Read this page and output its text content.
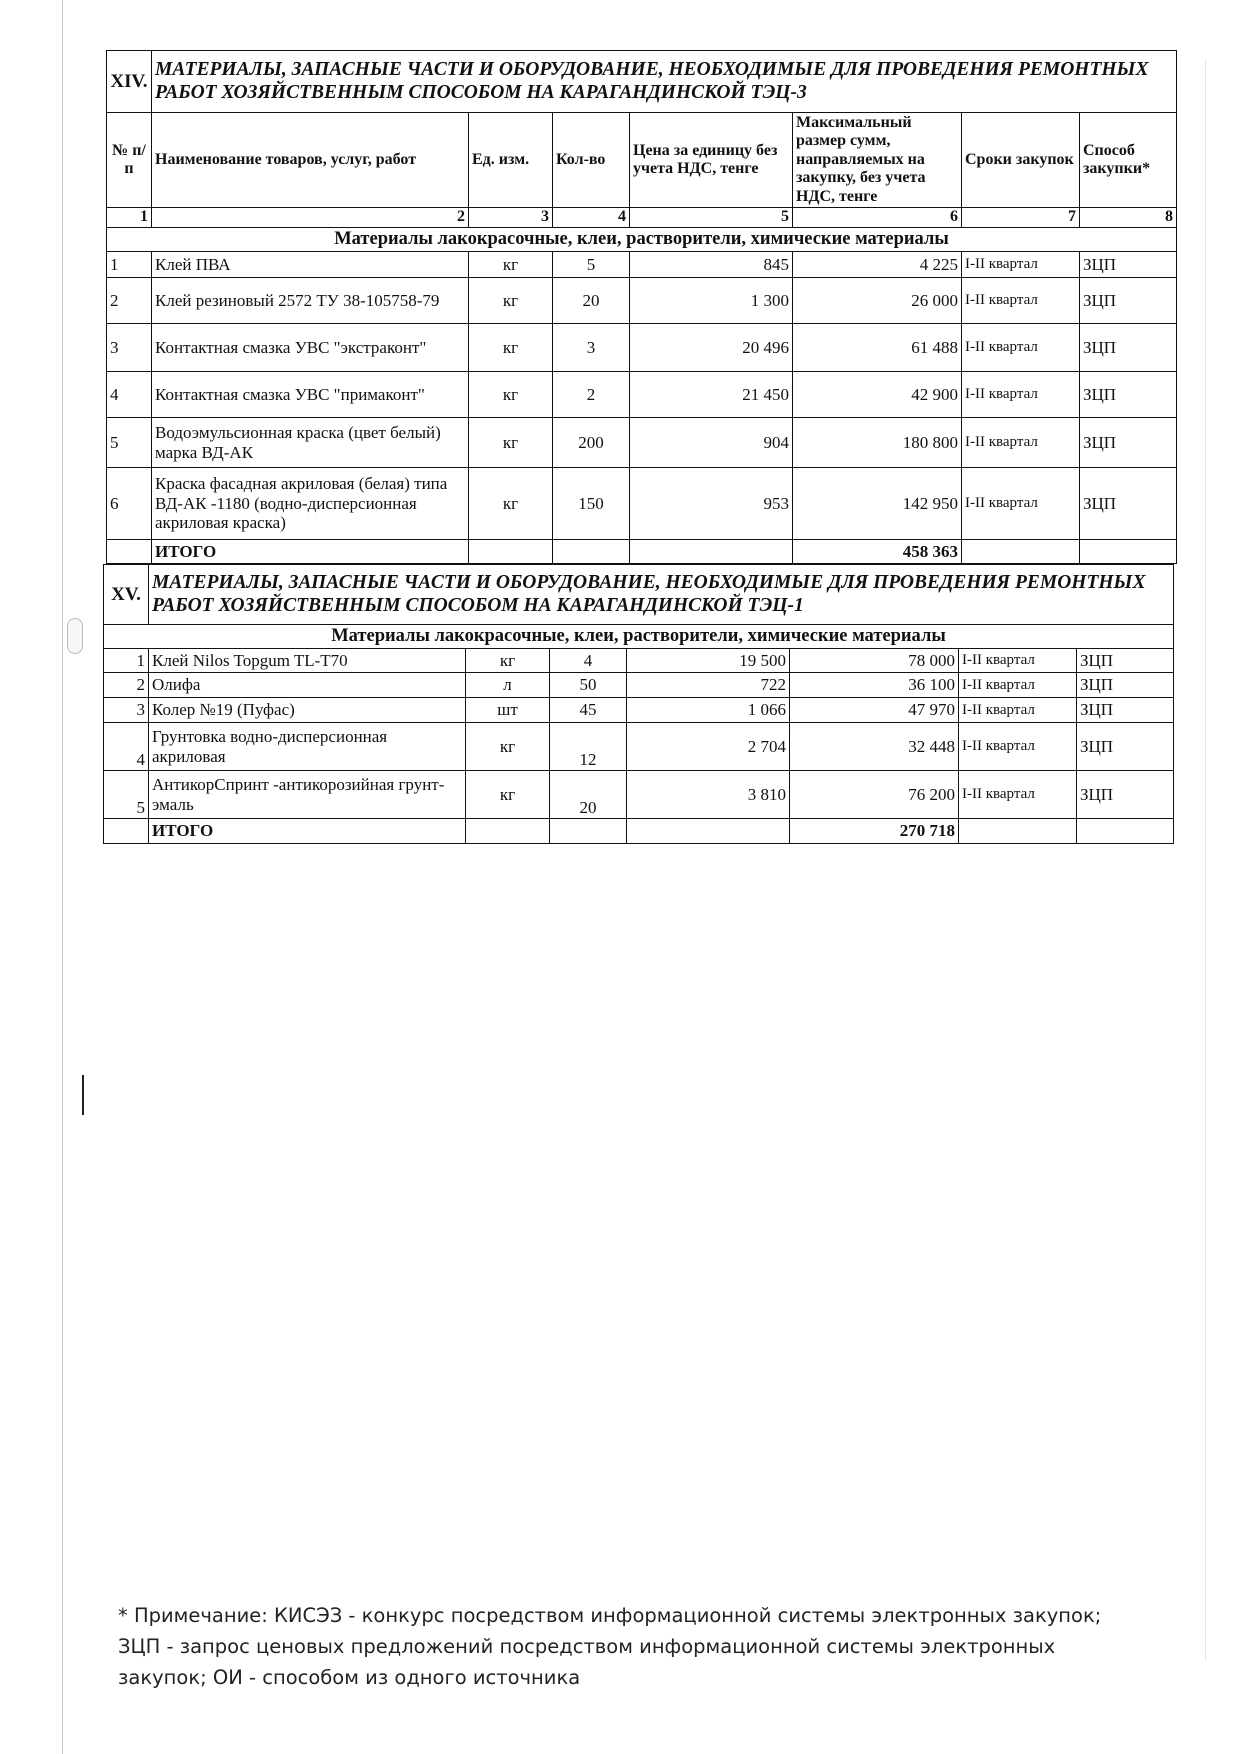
XIV.	МАТЕРИАЛЫ, ЗАПАСНЫЕ ЧАСТИ И ОБОРУДОВАНИЕ, НЕОБХОДИМЫЕ ДЛЯ ПРОВЕДЕНИЯ РЕМОНТНЫХ РАБОТ ХОЗЯЙСТВЕННЫМ СПОСОБОМ НА КАРАГАНДИНСКОЙ ТЭЦ-3						
№ п/п	Наименование товаров, услуг, работ	Ед. изм.	Кол-во	Цена за единицу без учета НДС, тенге	Максимальный размер сумм, направляемых на закупку, без учета НДС, тенге	Сроки закупок	Способ закупки*
1	2	3	4	5	6	7	8
Материалы лакокрасочные, клеи, растворители, химические материалы							
1	Клей ПВА	кг	5	845	4 225	I-II квартал	ЗЦП
2	Клей резиновый 2572 ТУ 38-105758-79	кг	20	1 300	26 000	I-II квартал	ЗЦП
3	Контактная смазка УВС "экстраконт"	кг	3	20 496	61 488	I-II квартал	ЗЦП
4	Контактная смазка УВС "примаконт"	кг	2	21 450	42 900	I-II квартал	ЗЦП
5	Водоэмульсионная краска (цвет белый) марка ВД-АК	кг	200	904	180 800	I-II квартал	ЗЦП
6	Краска фасадная акриловая (белая) типа ВД-АК -1180 (водно-дисперсионная акриловая краска)	кг	150	953	142 950	I-II квартал	ЗЦП
	ИТОГО				458 363		
XV.	МАТЕРИАЛЫ, ЗАПАСНЫЕ ЧАСТИ И ОБОРУДОВАНИЕ, НЕОБХОДИМЫЕ ДЛЯ ПРОВЕДЕНИЯ РЕМОНТНЫХ РАБОТ ХОЗЯЙСТВЕННЫМ СПОСОБОМ НА КАРАГАНДИНСКОЙ ТЭЦ-1						
Материалы лакокрасочные, клеи, растворители, химические материалы							
1	Клей Nilos Topgum TL-T70	кг	4	19 500	78 000	I-II квартал	ЗЦП
2	Олифа	л	50	722	36 100	I-II квартал	ЗЦП
3	Колер №19 (Пуфас)	шт	45	1 066	47 970	I-II квартал	ЗЦП
4	Грунтовка водно-дисперсионная акриловая	кг	12	2 704	32 448	I-II квартал	ЗЦП
5	АнтикорСпринт -антикорозийная грунт-эмаль	кг	20	3 810	76 200	I-II квартал	ЗЦП
	ИТОГО				270 718		
* Примечание: КИСЭЗ - конкурс посредством информационной системы электронных закупок; ЗЦП - запрос ценовых предложений посредством информационной системы электронных закупок; ОИ - способом из одного источника
